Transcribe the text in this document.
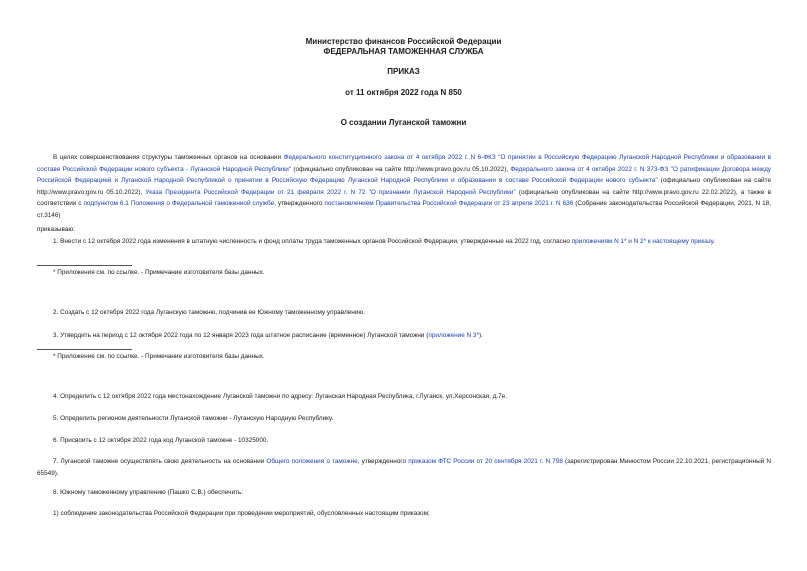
Министерство финансов Российской Федерации
ФЕДЕРАЛЬНАЯ ТАМОЖЕННАЯ СЛУЖБА
ПРИКАЗ
от 11 октября 2022 года N 850
О создании Луганской таможни
В целях совершенствования структуры таможенных органов на основании Федерального конституционного закона от 4 октября 2022 г. N 6-ФКЗ "О принятии в Российскую Федерацию Луганской Народной Республики и образовании в составе Российской Федерации нового субъекта - Луганской Народной Республики" (официально опубликован на сайте http://www.pravo.gov.ru 05.10.2022), Федерального закона от 4 октября 2022 г. N 373-ФЗ "О ратификации Договора между Российской Федерацией и Луганской Народной Республикой о принятии в Российскую Федерацию Луганской Народной Республики и образовании в составе Российской Федерации нового субъекта" (официально опубликован на сайте http://www.pravo.gov.ru 05.10.2022), Указа Президента Российской Федерации от 21 февраля 2022 г. N 72 "О признании Луганской Народной Республики" (официально опубликован на сайте http://www.pravo.gov.ru 22.02.2022), а также в соответствии с подпунктом 6.1 Положения о Федеральной таможенной службе, утвержденного постановлением Правительства Российской Федерации от 23 апреля 2021 г. N 636 (Собрание законодательства Российской Федерации, 2021, N 18, ст.3146)
приказываю:
1. Внести с 12 октября 2022 года изменения в штатную численность и фонд оплаты труда таможенных органов Российской Федерации, утвержденные на 2022 год, согласно приложениям N 1* и N 2* к настоящему приказу.
* Приложения см. по ссылке. - Примечание изготовителя базы данных.
2. Создать с 12 октября 2022 года Луганскую таможню, подчинив ее Южному таможенному управлению.
3. Утвердить на период с 12 октября 2022 года по 12 января 2023 года штатное расписание (временное) Луганской таможни (приложение N 3*).
* Приложение см. по ссылке. - Примечание изготовителя базы данных.
4. Определить с 12 октября 2022 года местонахождение Луганской таможни по адресу: Луганская Народная Республика, г.Луганск, ул.Херсонская, д.7е.
5. Определить регионом деятельности Луганской таможни - Луганскую Народную Республику.
6. Присвоить с 12 октября 2022 года код Луганской таможне - 10325000.
7. Луганской таможне осуществлять свою деятельность на основании Общего положения о таможне, утвержденного приказом ФТС России от 20 сентября 2021 г. N 798 (зарегистрирован Минюстом России 22.10.2021, регистрационный N 65549).
8. Южному таможенному управлению (Пашко С.В.) обеспечить:
1) соблюдение законодательства Российской Федерации при проведении мероприятий, обусловленных настоящим приказом;
